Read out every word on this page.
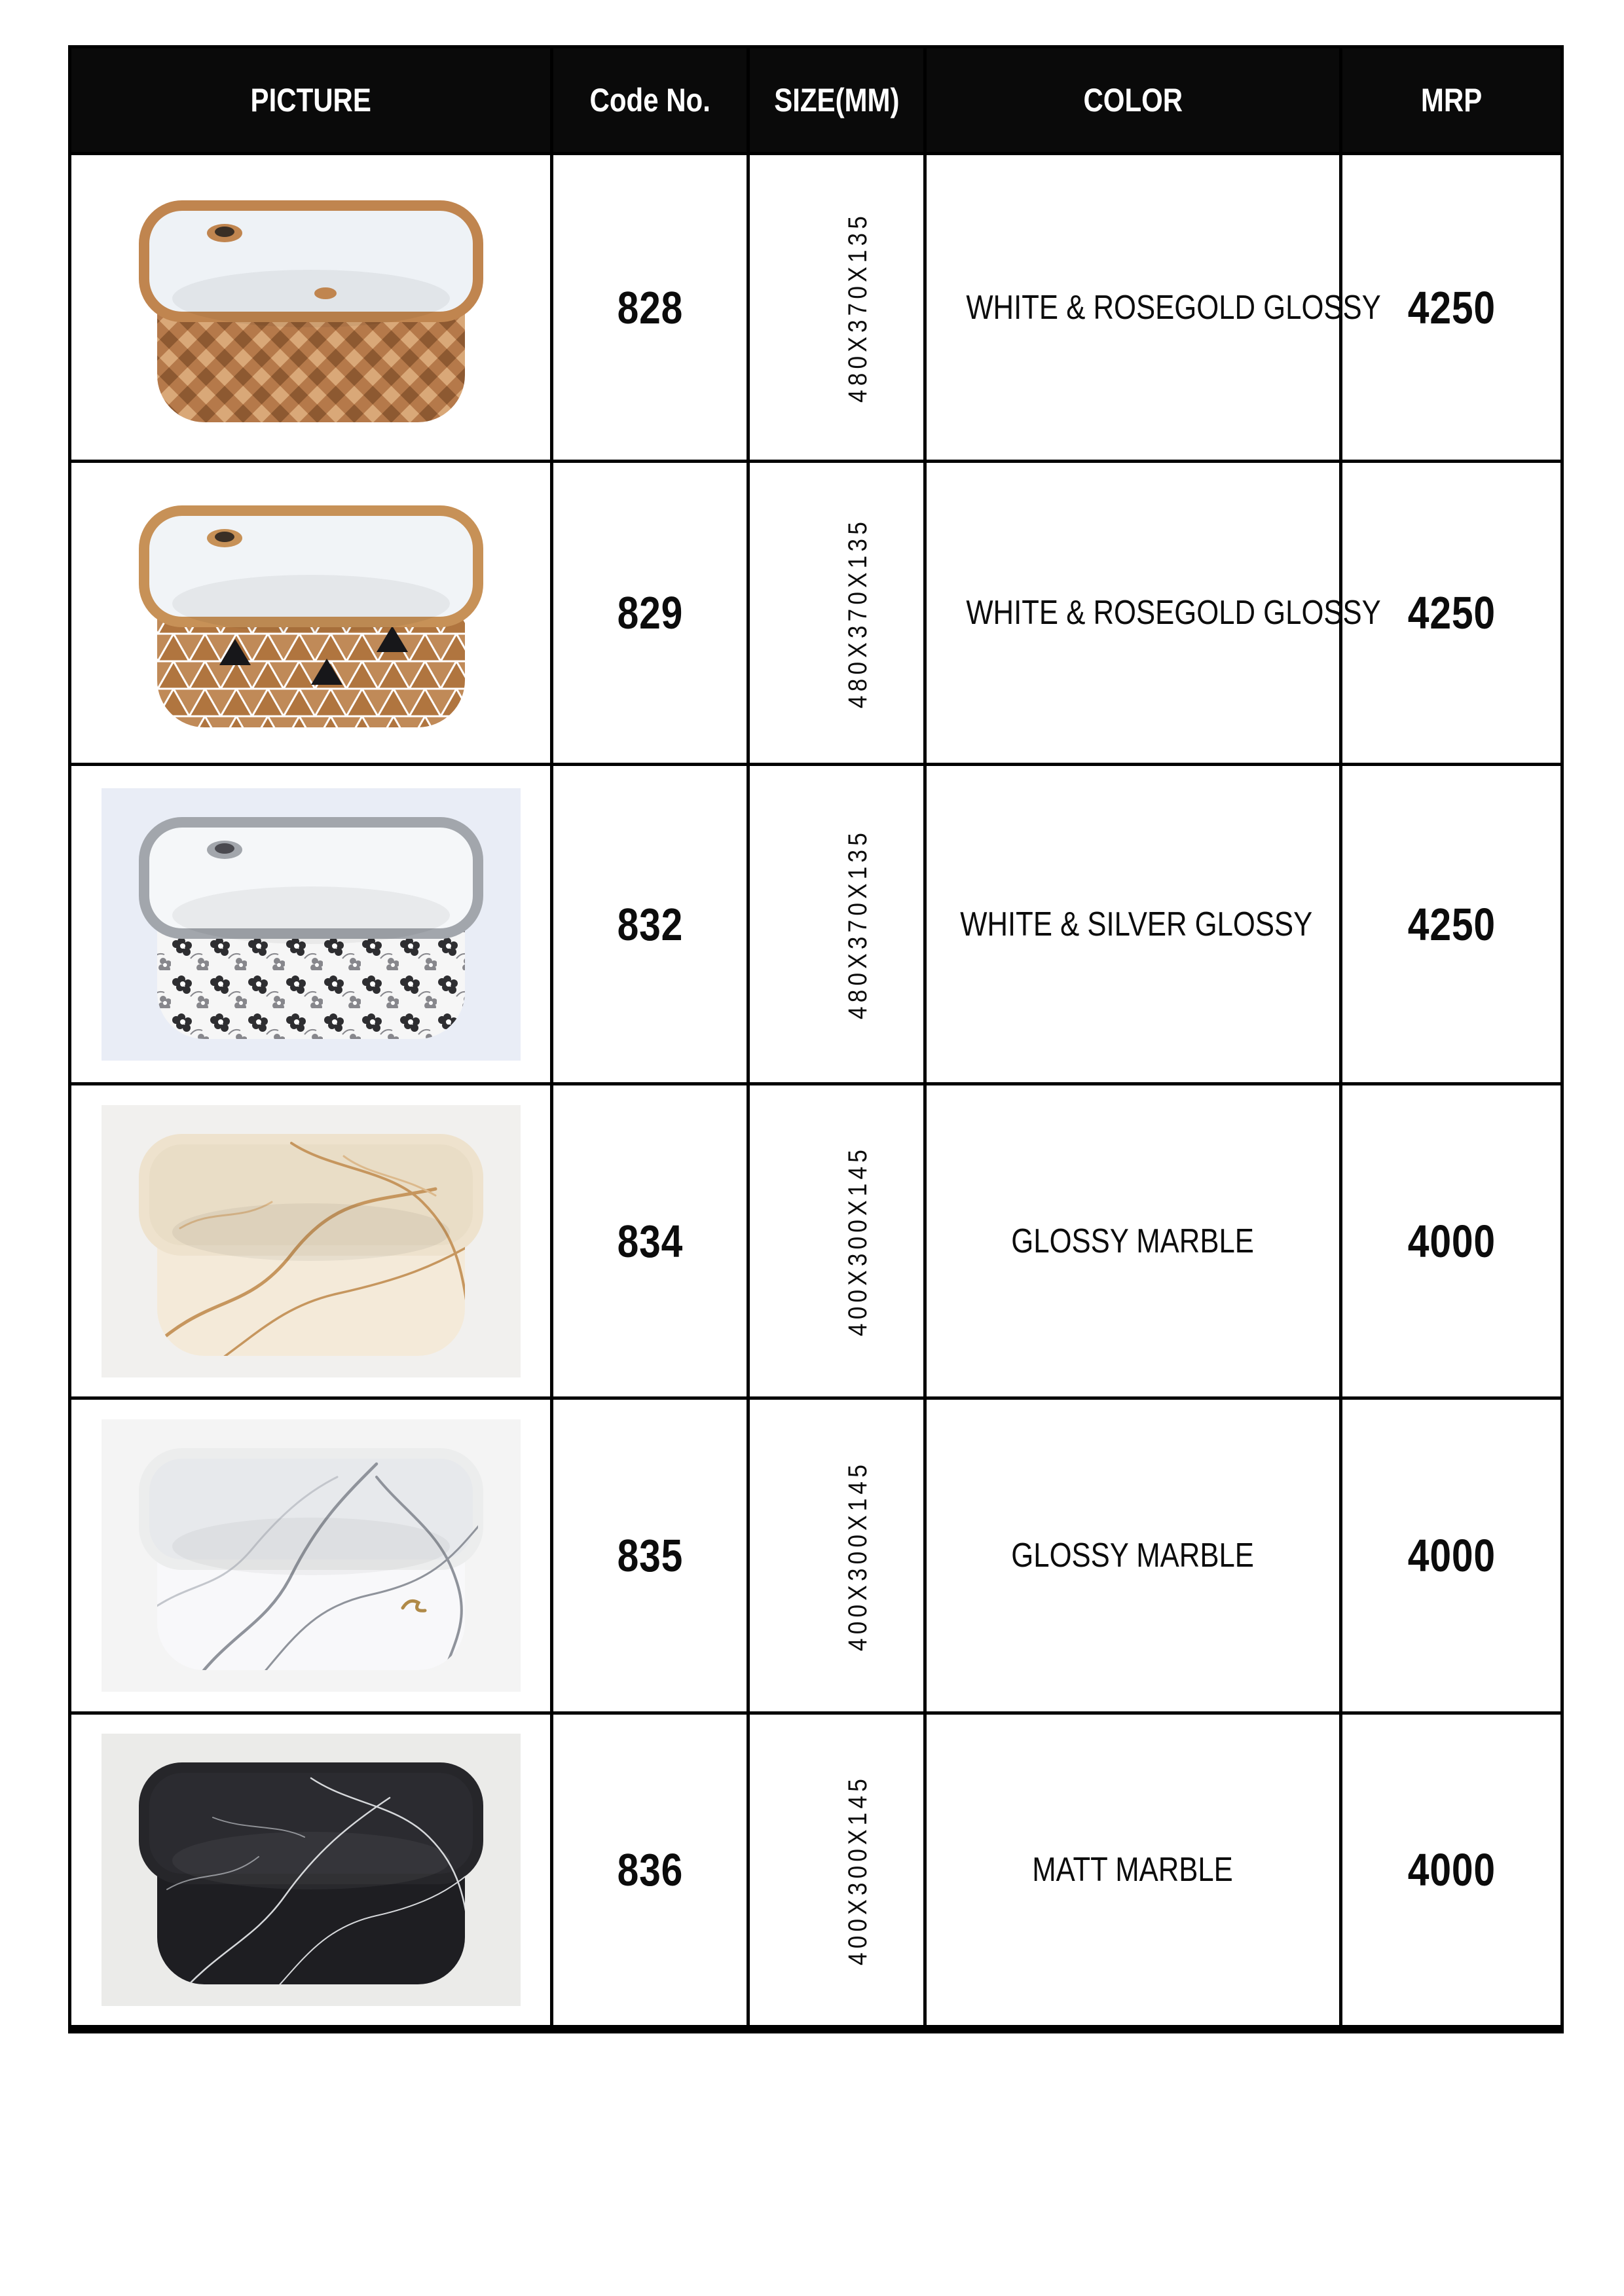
PICTURE	Code No.	SIZE(MM)	COLOR	MRP

	828	480X370X135	WHITE & ROSEGOLD GLOSSY	4250

	829	480X370X135	WHITE & ROSEGOLD GLOSSY	4250

	832	480X370X135	WHITE & SILVER GLOSSY	4250

	834	400X300X145	GLOSSY MARBLE	4000

	835	400X300X145	GLOSSY MARBLE	4000

	836	400X300X145	MATT MARBLE	4000
